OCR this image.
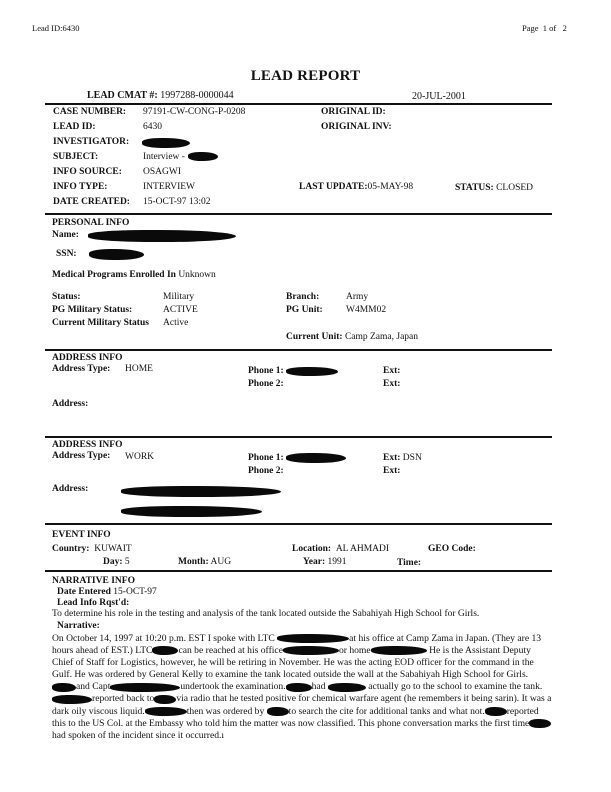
Lead ID:6430	Page 1 of 2
LEAD REPORT
LEAD CMAT #: 1997288-0000044	20-JUL-2001
CASE NUMBER: 97191-CW-CONG-P-0208	ORIGINAL ID:
LEAD ID:	6430	ORIGINAL INV:
INVESTIGATOR:
SUBJECT:	Interview -
INFO SOURCE: OSAGWI
INFO TYPE:	INTERVIEW	LAST UPDATE:05-MAY-98	STATUS: CLOSED
DATE CREATED: 15-OCT-97 13:02
PERSONAL INFO
Name:
SSN:
Medical Programs Enrolled In Unknown
Status:	Military	Branch:	Army
PG Military Status:	ACTIVE	PG Unit: W4MM02
Current Military Status Active
Current Unit: Camp Zama, Japan
ADDRESS INFO
Address Type: HOME	Phone 1:	Ext:
Phone 2:	Ext:
Address:
ADDRESS INFO
Address Type: WORK	Phone 1:	Ext: DSN
Phone 2:	Ext:
Address:
EVENT INFO
Country: KUWAIT	Location: AL AHMADI	GEO Code:
Day: 5	Month: AUG	Year: 1991	Time:
NARRATIVE INFO
Date Entered 15-OCT-97
Lead Info Rqst'd:
To determine his role in the testing and analysis of the tank located outside the Sabahiyah High School for Girls.
Narrative:
On October 14, 1997 at 10:20 p.m. EST I spoke with LTC	at his office at Camp Zama in Japan. (They are 13 hours ahead of EST.) LTC	can be reached at his office	or home	He is the Assistant Deputy Chief of Staff for Logistics, however, he will be retiring in November. He was the acting EOD officer for the command in the Gulf. He was ordered by General Kelly to examine the tank located outside the wall at the Sabahiyah High School for Girls. and Capt	undertook the examination.	had	actually go to the school to examine the tank.reported back to via radio that he tested positive for chemical warfare agent (he remembers it being sarin). It was a dark oily viscous liquid.	then was ordered by to search the cite for additional tanks and what not. reported this to the US Col. at the Embassy who told him the matter was now classified. This phone conversation marks the first time had spoken of the incident since it occurred.ı
